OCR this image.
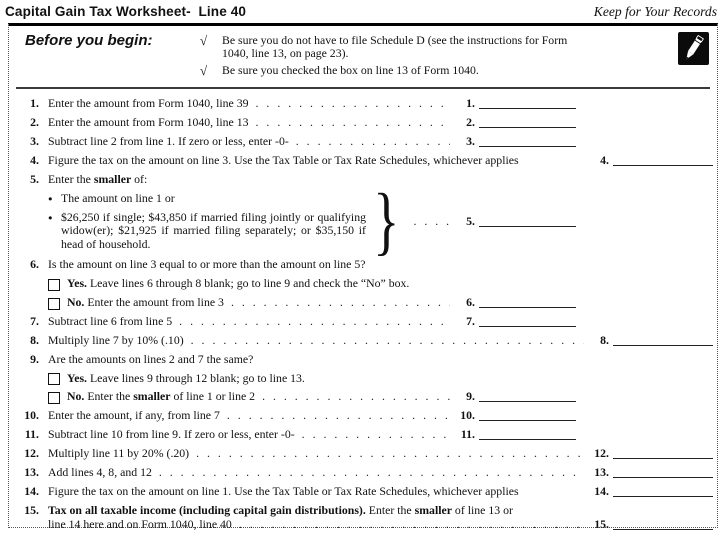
Capital Gain Tax Worksheet-  Line 40	Keep for Your Records
Before you begin:	√	Be sure you do not have to file Schedule D (see the instructions for Form 1040, line 13, on page 23).
√	Be sure you checked the box on line 13 of Form 1040.
1. Enter the amount from Form 1040, line 39 . . .	1.
2. Enter the amount from Form 1040, line 13 . . .	2.
3. Subtract line 2 from line 1. If zero or less, enter -0- . . .	3.
4. Figure the tax on the amount on line 3. Use the Tax Table or Tax Rate Schedules, whichever applies	4.
5. Enter the smaller of:
● The amount on line 1 or
● $26,250 if single; $43,850 if married filing jointly or qualifying widow(er); $21,925 if married filing separately; or $35,150 if head of household.	} . . .	5.
6. Is the amount on line 3 equal to or more than the amount on line 5?
Yes. Leave lines 6 through 8 blank; go to line 9 and check the “No” box.
No. Enter the amount from line 3 . . .	6.
7. Subtract line 6 from line 5 . . .	7.
8. Multiply line 7 by 10% (.10) . . .	8.
9. Are the amounts on lines 2 and 7 the same?
Yes. Leave lines 9 through 12 blank; go to line 13.
No. Enter the smaller of line 1 or line 2 . . .	9.
10. Enter the amount, if any, from line 7 . . .	10.
11. Subtract line 10 from line 9. If zero or less, enter -0- . . .	11.
12. Multiply line 11 by 20% (.20) . . .	12.
13. Add lines 4, 8, and 12 . . .	13.
14. Figure the tax on the amount on line 1. Use the Tax Table or Tax Rate Schedules, whichever applies	14.
15. Tax on all taxable income (including capital gain distributions). Enter the smaller of line 13 or
line 14 here and on Form 1040, line 40 . . .	15.
